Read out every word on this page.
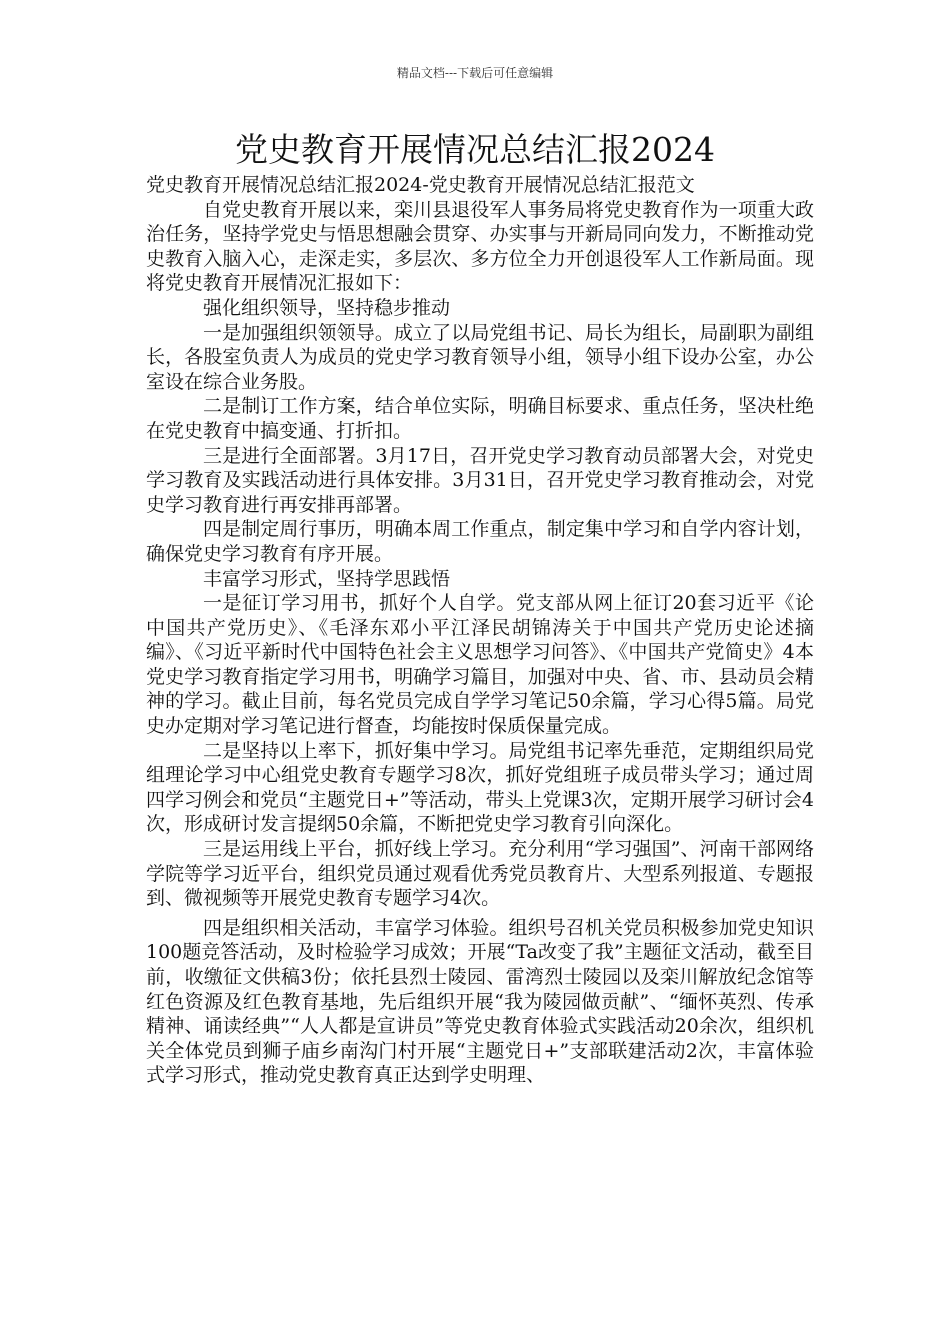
精品文档---下载后可任意编辑
党史教育开展情况总结汇报2024

党史教育开展情况总结汇报2024-党史教育开展情况总结汇报范文

自党史教育开展以来，栾川县退役军人事务局将党史教育作为一项重大政治任务，坚持学党史与悟思想融会贯穿、办实事与开新局同向发力，不断推动党史教育入脑入心，走深走实，多层次、多方位全力开创退役军人工作新局面。现将党史教育开展情况汇报如下：

强化组织领导，坚持稳步推动

一是加强组织领领导。成立了以局党组书记、局长为组长，局副职为副组长，各股室负责人为成员的党史学习教育领导小组，领导小组下设办公室，办公室设在综合业务股。

二是制订工作方案，结合单位实际，明确目标要求、重点任务，坚决杜绝在党史教育中搞变通、打折扣。

三是进行全面部署。3月17日，召开党史学习教育动员部署大会，对党史学习教育及实践活动进行具体安排。3月31日，召开党史学习教育推动会，对党史学习教育进行再安排再部署。

四是制定周行事历，明确本周工作重点，制定集中学习和自学内容计划，确保党史学习教育有序开展。

丰富学习形式，坚持学思践悟

一是征订学习用书，抓好个人自学。党支部从网上征订20套习近平《论中国共产党历史》、《毛泽东邓小平江泽民胡锦涛关于中国共产党历史论述摘编》、《习近平新时代中国特色社会主义思想学习问答》、《中国共产党简史》4本党史学习教育指定学习用书，明确学习篇目，加强对中央、省、市、县动员会精神的学习。截止目前，每名党员完成自学学习笔记50余篇，学习心得5篇。局党史办定期对学习笔记进行督查，均能按时保质保量完成。

二是坚持以上率下，抓好集中学习。局党组书记率先垂范，定期组织局党组理论学习中心组党史教育专题学习8次，抓好党组班子成员带头学习；通过周四学习例会和党员“主题党日+”等活动，带头上党课3次，定期开展学习研讨会4次，形成研讨发言提纲50余篇，不断把党史学习教育引向深化。

三是运用线上平台，抓好线上学习。充分利用“学习强国”、河南干部网络学院等学习近平台，组织党员通过观看优秀党员教育片、大型系列报道、专题报到、微视频等开展党史教育专题学习4次。

四是组织相关活动，丰富学习体验。组织号召机关党员积极参加党史知识100题竞答活动，及时检验学习成效；开展“Ta改变了我”主题征文活动，截至目前，收缴征文供稿3份；依托县烈士陵园、雷湾烈士陵园以及栾川解放纪念馆等红色资源及红色教育基地，先后组织开展“我为陵园做贡献”、“缅怀英烈、传承精神、诵读经典”“人人都是宣讲员”等党史教育体验式实践活动20余次，组织机关全体党员到狮子庙乡南沟门村开展“主题党日+”支部联建活动2次，丰富体验式学习形式，推动党史教育真正达到学史明理、
